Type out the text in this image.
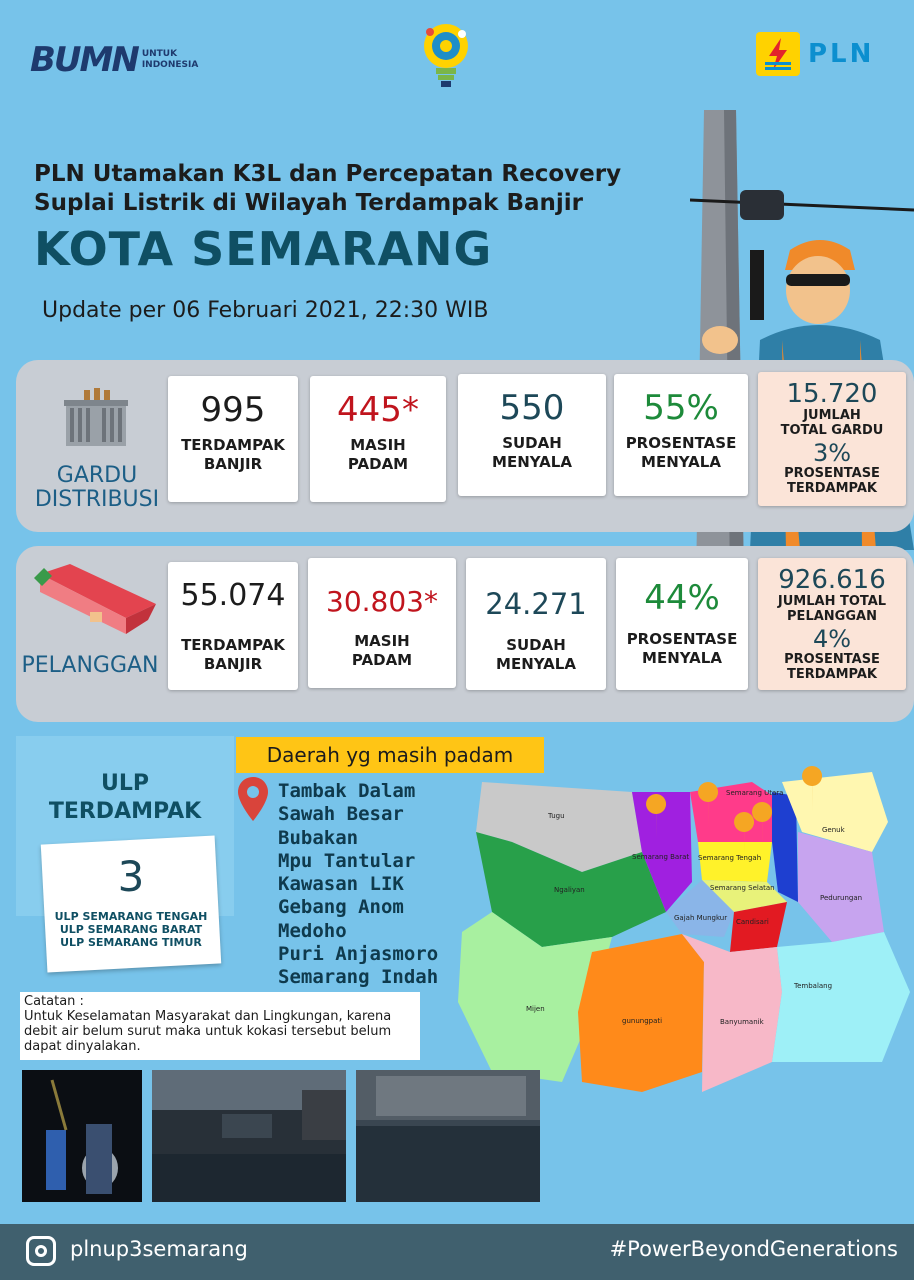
BUMN UNTUK
INDONESIA	PLN
GARDU
DISTRIBUSI
995
TERDAMPAK
BANJIR
445*
MASIH
PADAM
550
SUDAH
MENYALA
55%
PROSENTASE
MENYALA
15.720
JUMLAH
TOTAL GARDU
3%
PROSENTASE
TERDAMPAK
PELANGGAN
55.074
TERDAMPAK
BANJIR
30.803*
MASIH
PADAM
24.271
SUDAH
MENYALA
44%
PROSENTASE
MENYALA
926.616
JUMLAH TOTAL
PELANGGAN
4%
PROSENTASE
TERDAMPAK
ULP
TERDAMPAK
3
ULP SEMARANG TENGAH
ULP SEMARANG BARAT
ULP SEMARANG TIMUR
Daerah yg masih padam
Tambak Dalam
Sawah Besar
Bubakan
Mpu Tantular
Kawasan LIK
Gebang Anom
Medoho
Puri Anjasmoro
Semarang Indah
Catatan :
Untuk Keselamatan Masyarakat dan Lingkungan, karena debit air belum surut maka untuk kokasi tersebut belum dapat dinyalakan.
Tugu
Ngaliyan
Semarang Barat
Semarang Utara
Semarang Tengah
Semarang Selatan
Genuk
Pedurungan
Gajah Mungkur Candisari
Mijen
gunungpati	Banyumanik
Tembalang
plnup3semarang	#PowerBeyondGenerations
PLN Utamakan K3L dan Percepatan Recovery
Suplai Listrik di Wilayah Terdampak Banjir
KOTA SEMARANG
Update per 06 Februari 2021, 22:30 WIB
